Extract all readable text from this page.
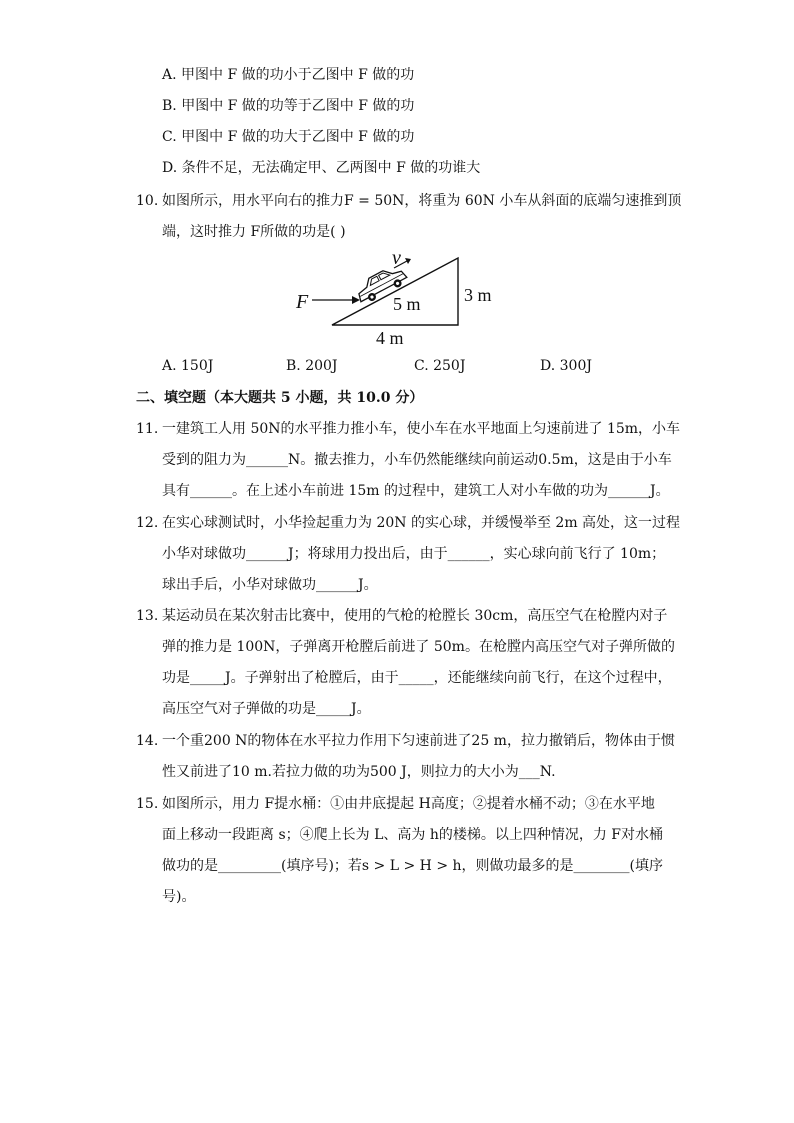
A. 甲图中 F 做的功小于乙图中 F 做的功
B. 甲图中 F 做的功等于乙图中 F 做的功
C. 甲图中 F 做的功大于乙图中 F 做的功
D. 条件不足，无法确定甲、乙两图中 F 做的功谁大
10. 如图所示，用水平向右的推力F = 50N，将重为 60N 小车从斜面的底端匀速推到顶
端，这时推力 F所做的功是( )
F
v
5 m 3 m
4 m
A. 150J	B. 200J	C. 250J	D. 300J
二、填空题（本大题共 5 小题，共 10.0 分）
11. 一建筑工人用 50N的水平推力推小车，使小车在水平地面上匀速前进了 15m，小车
受到的阻力为______N。撤去推力，小车仍然能继续向前运动0.5m，这是由于小车
具有______。在上述小车前进 15m 的过程中，建筑工人对小车做的功为______J。
12. 在实心球测试时，小华捡起重力为 20N 的实心球，并缓慢举至 2m 高处，这一过程
小华对球做功______J；将球用力投出后，由于______，实心球向前飞行了 10m；
球出手后，小华对球做功______J。
13. 某运动员在某次射击比赛中，使用的气枪的枪膛长 30cm，高压空气在枪膛内对子
弹的推力是 100N，子弹离开枪膛后前进了 50m。在枪膛内高压空气对子弹所做的
功是_____J。子弹射出了枪膛后，由于_____，还能继续向前飞行，在这个过程中，
高压空气对子弹做的功是_____J。
14. 一个重200 N的物体在水平拉力作用下匀速前进了25 m，拉力撤销后，物体由于惯
性又前进了10 m.若拉力做的功为500 J，则拉力的大小为___N.
15. 如图所示，用力 F提水桶：①由井底提起 H高度；②提着水桶不动；③在水平地
面上移动一段距离 s；④爬上长为 L、高为 h的楼梯。以上四种情况，力 F对水桶
做功的是_________(填序号)；若s > L > H > h，则做功最多的是________(填序
号)。
